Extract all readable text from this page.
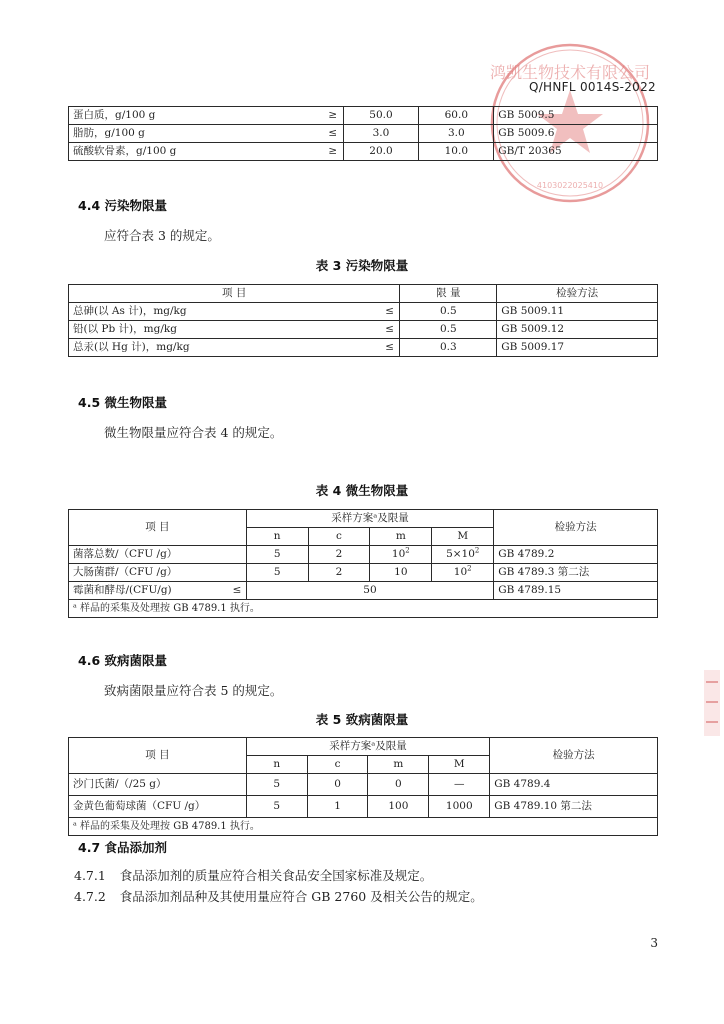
鸿凯生物技术有限公司
4103022025410
Q/HNFL 0014S-2022
蛋白质，g/100 g	≥	50.0	60.0	GB 5009.5
脂肪，g/100 g	≤	3.0	3.0	GB 5009.6
硫酸软骨素，g/100 g	≥	20.0	10.0	GB/T 20365
4.4 污染物限量
应符合表 3 的规定。
表 3 污染物限量
项 目		限 量	检验方法
总砷(以 As 计)，mg/kg	≤	0.5	GB 5009.11
铅(以 Pb 计)，mg/kg	≤	0.5	GB 5009.12
总汞(以 Hg 计)，mg/kg	≤	0.3	GB 5009.17
4.5 微生物限量
微生物限量应符合表 4 的规定。
表 4 微生物限量
项 目		采样方案ᵃ及限量				检验方法
		n	c	m	M	
菌落总数/（CFU /g）		5	2	$10^2$	$5\times 10^2$	GB 4789.2
大肠菌群/（CFU /g）		5	2	10	$10^2$	GB 4789.3 第二法
霉菌和酵母/(CFU/g)	≤	50				GB 4789.15
ᵃ 样品的采集及处理按 GB 4789.1 执行。						
4.6 致病菌限量
致病菌限量应符合表 5 的规定。
表 5 致病菌限量
项 目	采样方案ᵃ及限量				检验方法
	n	c	m	M	
沙门氏菌/（/25 g）	5	0	0	—	GB 4789.4
金黄色葡萄球菌（CFU /g）	5	1	100	1000	GB 4789.10 第二法
ᵃ 样品的采集及处理按 GB 4789.1 执行。					
4.7 食品添加剂
4.7.1 食品添加剂的质量应符合相关食品安全国家标准及规定。
4.7.2 食品添加剂品种及其使用量应符合 GB 2760 及相关公告的规定。
3
